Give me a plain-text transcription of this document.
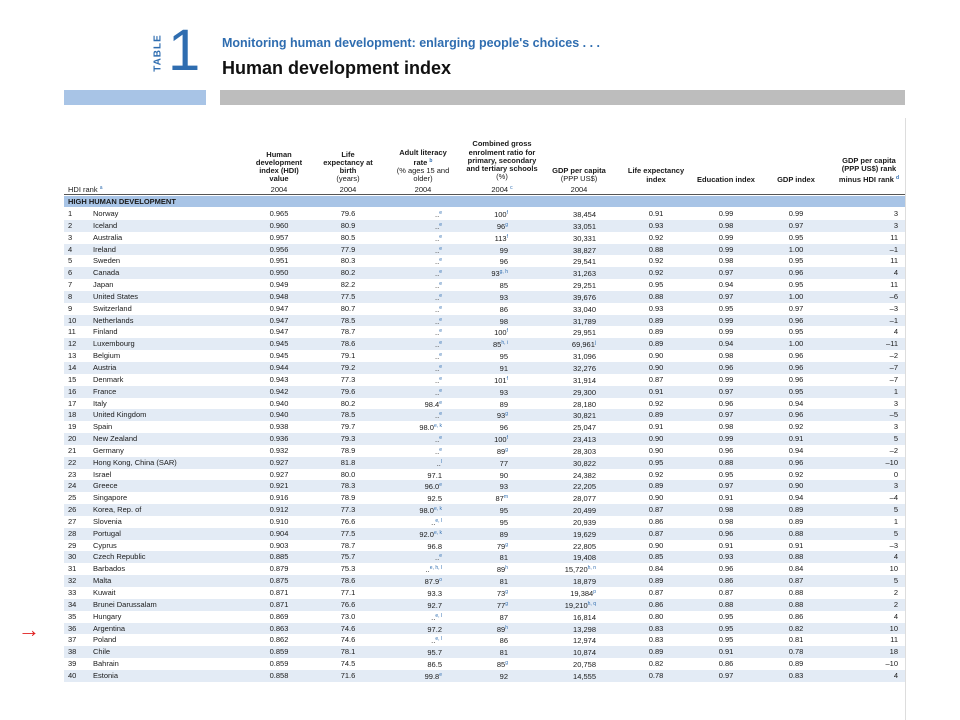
TABLE 1 Monitoring human development: enlarging people's choices . . .
Human development index
HDI rank $^a$
Human development index (HDI) value
2004
Life expectancy at birth
(years)
2004
Adult literacy rate $^b$
(% ages 15 and older)
2004
Combined gross enrolment ratio for primary, secondary and tertiary schools
(%)
2004 $^c$
GDP per capita
(PPP US$)
2004
Life expectancy index	Education index	GDP index
GDP per capita (PPP US$) rank minus HDI rank $^d$
HIGH HUMAN DEVELOPMENT
1	Norway	0.965	79.6	..$^e$	100$^f$	38,454	0.91	0.99	0.99	3
2	Iceland	0.960	80.9	..$^e$	96$^g$	33,051	0.93	0.98	0.97	3
3	Australia	0.957	80.5	..$^e$	113$^f$	30,331	0.92	0.99	0.95	11
4	Ireland	0.956	77.9	..$^e$	99	38,827	0.88	0.99	1.00	–1
5	Sweden	0.951	80.3	..$^e$	96	29,541	0.92	0.98	0.95	11
6	Canada	0.950	80.2	..$^e$	93$^{g, h}$	31,263	0.92	0.97	0.96	4
7	Japan	0.949	82.2	..$^e$	85	29,251	0.95	0.94	0.95	11
8	United States	0.948	77.5	..$^e$	93	39,676	0.88	0.97	1.00	–6
9	Switzerland	0.947	80.7	..$^e$	86	33,040	0.93	0.95	0.97	–3
10 Netherlands	0.947	78.5	..$^e$	98	31,789	0.89	0.99	0.96	–1
11 Finland	0.947	78.7	..$^e$	100$^f$	29,951	0.89	0.99	0.95	4
12 Luxembourg	0.945	78.6	..$^e$	85$^{h, i}$	69,961$^j$	0.89	0.94	1.00	–11
13 Belgium	0.945	79.1	..$^e$	95	31,096	0.90	0.98	0.96	–2
14 Austria	0.944	79.2	..$^e$	91	32,276	0.90	0.96	0.96	–7
15 Denmark	0.943	77.3	..$^e$	101$^f$	31,914	0.87	0.99	0.96	–7
16 France	0.942	79.6	..$^e$	93	29,300	0.91	0.97	0.95	1
17 Italy	0.940	80.2	98.4e	89	28,180	0.92	0.96	0.94	3
18 United Kingdom	0.940	78.5	..$^e$	93$^g$	30,821	0.89	0.97	0.96	–5
19 Spain	0.938	79.7	98.0$^{e, k}$	96	25,047	0.91	0.98	0.92	3
20 New Zealand	0.936	79.3	..$^e$	100$^f$	23,413	0.90	0.99	0.91	5
21 Germany	0.932	78.9	..$^e$	89$^g$	28,303	0.90	0.96	0.94	–2
22 Hong Kong, China (SAR)	0.927	81.8	..$^l$	77	30,822	0.95	0.88	0.96	–10
23 Israel	0.927	80.0	97.1	90	24,382	0.92	0.95	0.92	0
24 Greece	0.921	78.3	96.0e	93	22,205	0.89	0.97	0.90	3
25 Singapore	0.916	78.9	92.5	87$^m$	28,077	0.90	0.91	0.94	–4
26 Korea, Rep. of	0.912	77.3	98.0$^{e, k}$	95	20,499	0.87	0.98	0.89	5
27 Slovenia	0.910	76.6	..$^{e, l}$	95	20,939	0.86	0.98	0.89	1
28 Portugal	0.904	77.5	92.0$^{e, k}$	89	19,629	0.87	0.96	0.88	5
29 Cyprus	0.903	78.7	96.8	79$^g$	22,805	0.90	0.91	0.91	–3
30 Czech Republic	0.885	75.7	..$^e$	81	19,408	0.85	0.93	0.88	4
31 Barbados	0.879	75.3	..$^{e, h, l}$	89$^h$	15,720$^{h, n}$	0.84	0.96	0.84	10
32 Malta	0.875	78.6	87.9$^o$	81	18,879	0.89	0.86	0.87	5
33 Kuwait	0.871	77.1	93.3	73$^g$	19,384$^p$	0.87	0.87	0.88	2
34 Brunei Darussalam	0.871	76.6	92.7	77$^g$	19,210$^{h, q}$	0.86	0.88	0.88	2
35 Hungary	0.869	73.0	..$^{e, l}$	87	16,814	0.80	0.95	0.86	4
36 Argentina	0.863	74.6	97.2	89$^h$	13,298	0.83	0.95	0.82	10
37 Poland	0.862	74.6	..$^{e, l}$	86	12,974	0.83	0.95	0.81	11
38 Chile	0.859	78.1	95.7	81	10,874	0.89	0.91	0.78	18
39 Bahrain	0.859	74.5	86.5	85$^g$	20,758	0.82	0.86	0.89	–10
40 Estonia	0.858	71.6	99.8e	92	14,555	0.78	0.97	0.83	4
→
